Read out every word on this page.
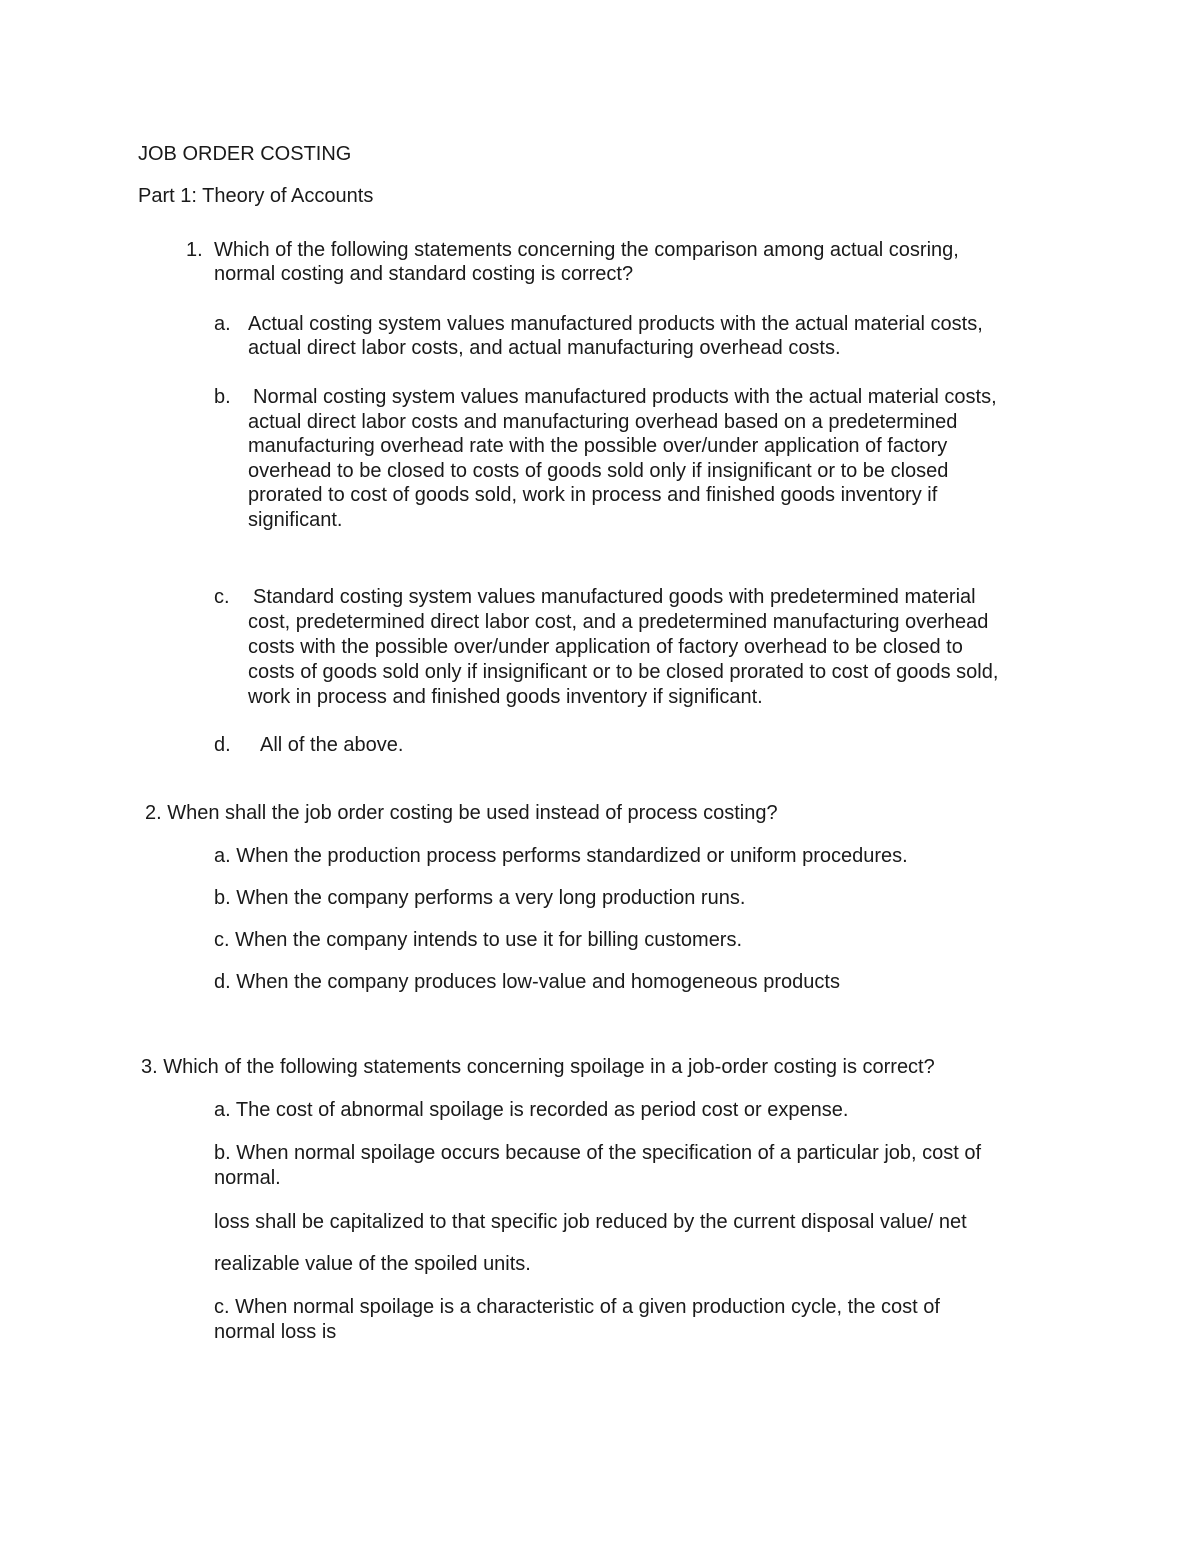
JOB ORDER COSTING
Part 1: Theory of Accounts
1. Which of the following statements concerning the comparison among actual cosring,
normal costing and standard costing is correct?
a. Actual costing system values manufactured products with the actual material costs,
actual direct labor costs, and actual manufacturing overhead costs.
b. Normal costing system values manufactured products with the actual material costs,
actual direct labor costs and manufacturing overhead based on a predetermined
manufacturing overhead rate with the possible over/under application of factory
overhead to be closed to costs of goods sold only if insignificant or to be closed
prorated to cost of goods sold, work in process and finished goods inventory if
significant.
c. Standard costing system values manufactured goods with predetermined material
cost, predetermined direct labor cost, and a predetermined manufacturing overhead
costs with the possible over/under application of factory overhead to be closed to
costs of goods sold only if insignificant or to be closed prorated to cost of goods sold,
work in process and finished goods inventory if significant.
d. All of the above.
2. When shall the job order costing be used instead of process costing?
a. When the production process performs standardized or uniform procedures.
b. When the company performs a very long production runs.
c. When the company intends to use it for billing customers.
d. When the company produces low-value and homogeneous products
3. Which of the following statements concerning spoilage in a job-order costing is correct?
a. The cost of abnormal spoilage is recorded as period cost or expense.
b. When normal spoilage occurs because of the specification of a particular job, cost of
normal.
loss shall be capitalized to that specific job reduced by the current disposal value/ net
realizable value of the spoiled units.
c. When normal spoilage is a characteristic of a given production cycle, the cost of
normal loss is
